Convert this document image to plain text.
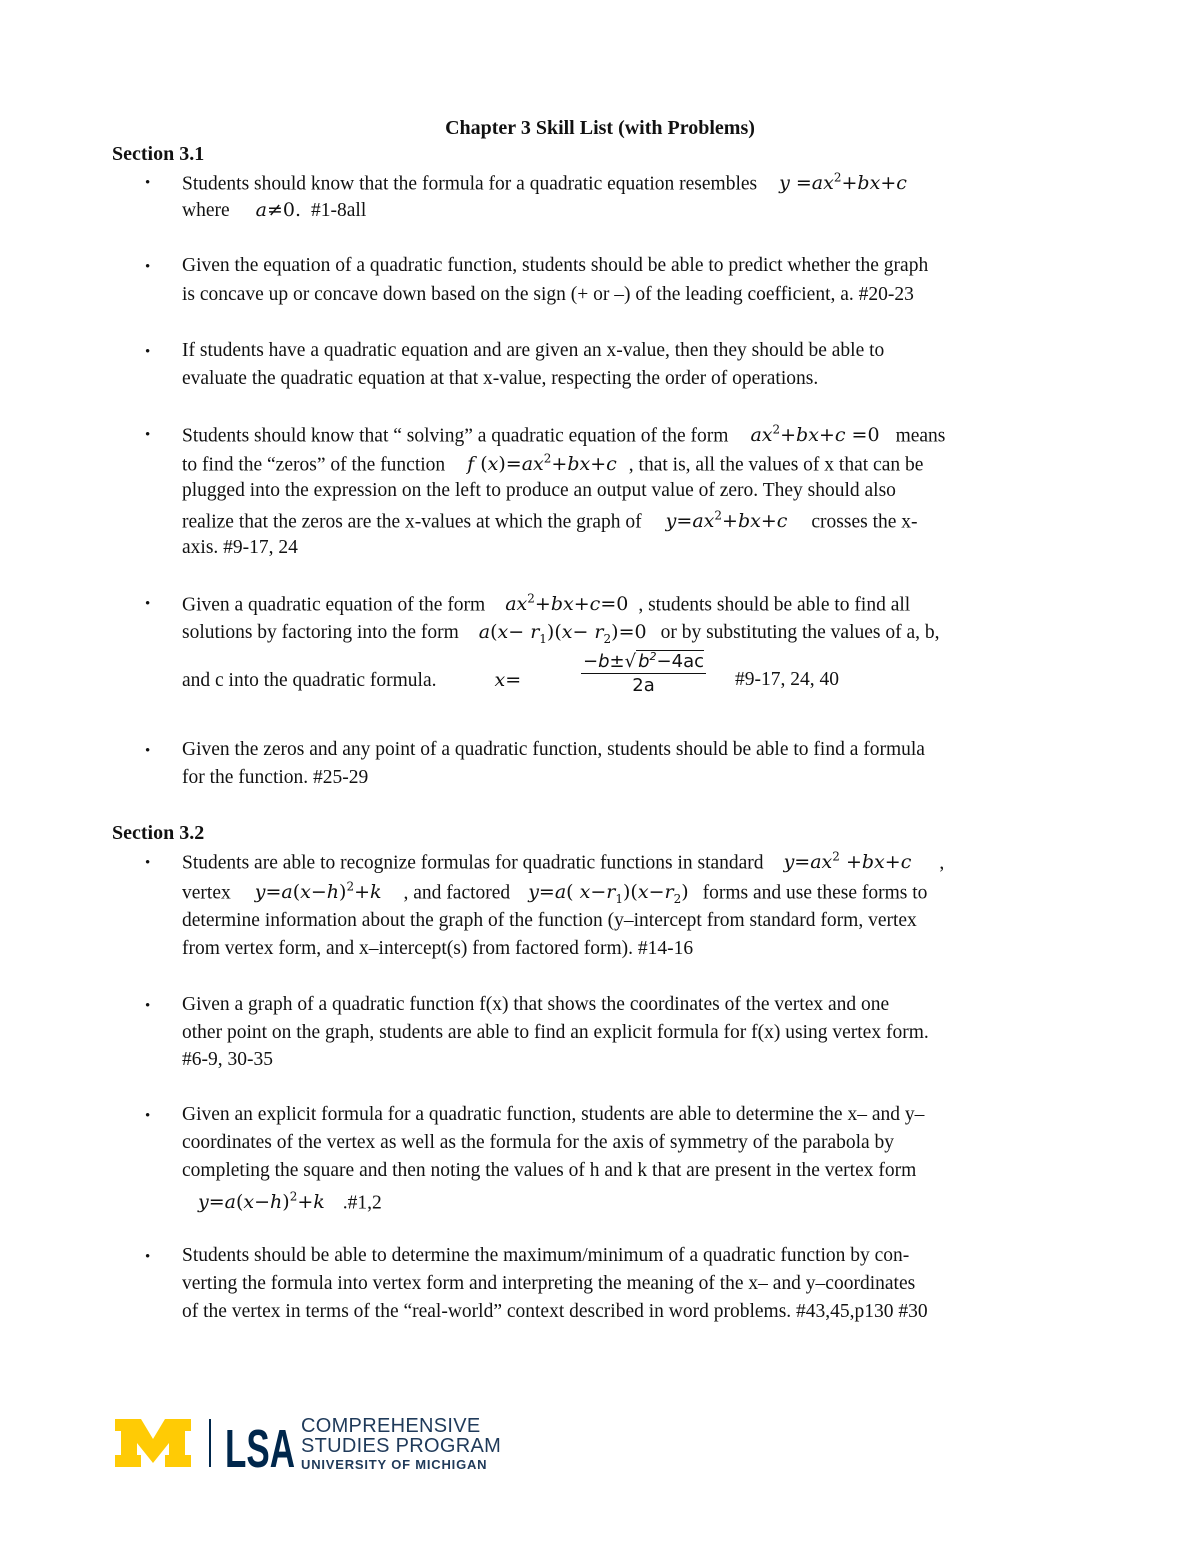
Chapter 3 Skill List (with Problems)
Section 3.1
• Students should know that the formula for a quadratic equation resembles $y =ax^2+bx+c$
where a≠0. #1-8all
• Given the equation of a quadratic function, students should be able to predict whether the graph
is concave up or concave down based on the sign (+ or –) of the leading coefficient, a. #20-23
• If students have a quadratic equation and are given an x-value, then they should be able to
evaluate the quadratic equation at that x-value, respecting the order of operations.
• Students should know that “ solving” a quadratic equation of the form $ax^2+bx+c =0$ means
to find the “zeros” of the function f $(x)=ax^2+bx+c$ , that is, all the values of x that can be
plugged into the expression on the left to produce an output value of zero. They should also
realize that the zeros are the x-values at which the graph of $y=ax^2+bx+c$ crosses the x-
axis. #9-17, 24
• Given a quadratic equation of the form $ax^2+bx+c=0$ , students should be able to find all
solutions by factoring into the form $a(x- r_1)(x- r_2)=0$ or by substituting the values of a, b,
and c into the quadratic formula.	x=	$\frac{-b\pm√ b^2-4ac}{2a}$ #9-17, 24, 40
• Given the zeros and any point of a quadratic function, students should be able to find a formula
for the function. #25-29
Section 3.2
• Students are able to recognize formulas for quadratic functions in standard $y=ax^2 +bx+c$ ,
vertex $y=a(x-h)^2+k$ , and factored y=a( $x-r_1)(x-r_2)$ forms and use these forms to
determine information about the graph of the function (y–intercept from standard form, vertex
from vertex form, and x–intercept(s) from factored form). #14-16
• Given a graph of a quadratic function f(x) that shows the coordinates of the vertex and one
other point on the graph, students are able to find an explicit formula for f(x) using vertex form.
#6-9, 30-35
• Given an explicit formula for a quadratic function, students are able to determine the x– and y–
coordinates of the vertex as well as the formula for the axis of symmetry of the parabola by
completing the square and then noting the values of h and k that are present in the vertex form
$y=a(x-h)^2+k$ .#1,2
• Students should be able to determine the maximum/minimum of a quadratic function by con-
verting the formula into vertex form and interpreting the meaning of the x– and y–coordinates
of the vertex in terms of the “real-world” context described in word problems. #43,45,p130 #30
LSA COMPREHENSIVE
STUDIES PROGRAM
UNIVERSITY OF MICHIGAN
